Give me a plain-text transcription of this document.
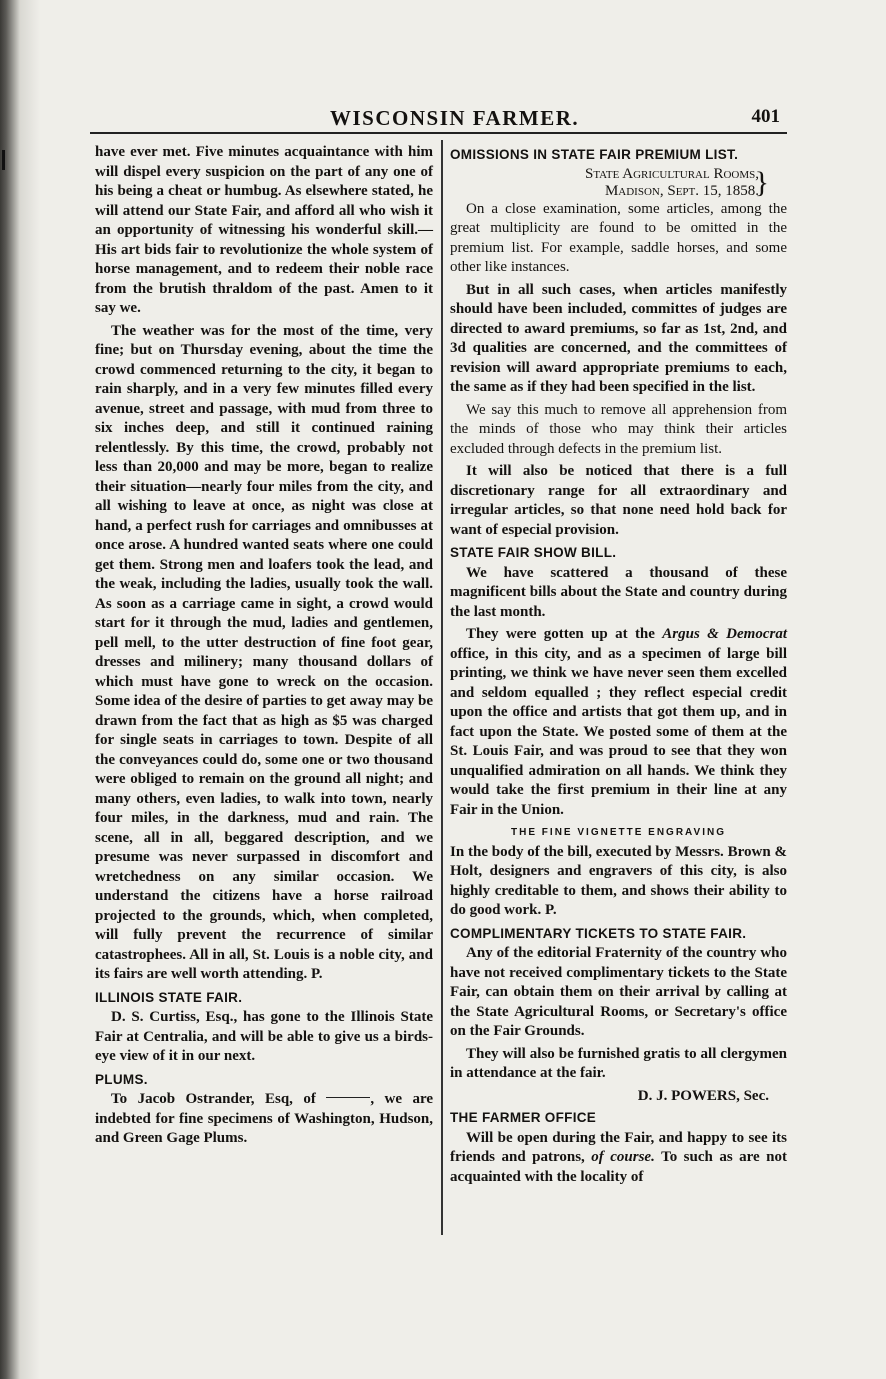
WISCONSIN FARMER.	401

have ever met. Five minutes acquaintance with him will dispel every suspicion on the part of any one of his being a cheat or humbug. As elsewhere stated, he will attend our State Fair, and afford all who wish it an opportunity of witnessing his wonderful skill.— His art bids fair to revolutionize the whole system of horse management, and to redeem their noble race from the brutish thraldom of the past. Amen to it say we.

The weather was for the most of the time, very fine; but on Thursday evening, about the time the crowd commenced returning to the city, it began to rain sharply, and in a very few minutes filled every avenue, street and passage, with mud from three to six inches deep, and still it continued raining relentlessly. By this time, the crowd, probably not less than 20,000 and may be more, began to realize their situation—nearly four miles from the city, and all wishing to leave at once, as night was close at hand, a perfect rush for carriages and omnibusses at once arose. A hundred wanted seats where one could get them. Strong men and loafers took the lead, and the weak, including the ladies, usually took the wall. As soon as a carriage came in sight, a crowd would start for it through the mud, ladies and gentlemen, pell mell, to the utter destruction of fine foot gear, dresses and milinery; many thousand dollars of which must have gone to wreck on the occasion. Some idea of the desire of parties to get away may be drawn from the fact that as high as $5 was charged for single seats in carriages to town. Despite of all the conveyances could do, some one or two thousand were obliged to remain on the ground all night; and many others, even ladies, to walk into town, nearly four miles, in the darkness, mud and rain. The scene, all in all, beggared description, and we presume was never surpassed in discomfort and wretchedness on any similar occasion. We understand the citizens have a horse railroad projected to the grounds, which, when completed, will fully prevent the recurrence of similar catastrophees. All in all, St. Louis is a noble city, and its fairs are well worth attending. P.

ILLINOIS STATE FAIR.

D. S. Curtiss, Esq., has gone to the Illinois State Fair at Centralia, and will be able to give us a birds-eye view of it in our next.

PLUMS.

To Jacob Ostrander, Esq, of	, we are indebted for fine specimens of Washington, Hudson, and Green Gage Plums.

OMISSIONS IN STATE FAIR PREMIUM LIST.
State Agricultural Rooms,
Madison, Sept. 15, 1858.
}

On a close examination, some articles, among the great multiplicity are found to be omitted in the premium list. For example, saddle horses, and some other like instances.

But in all such cases, when articles manifestly should have been included, committes of judges are directed to award premiums, so far as 1st, 2nd, and 3d qualities are concerned, and the committees of revision will award appropriate premiums to each, the same as if they had been specified in the list.

We say this much to remove all apprehension from the minds of those who may think their articles excluded through defects in the premium list.

It will also be noticed that there is a full discretionary range for all extraordinary and irregular articles, so that none need hold back for want of especial provision.

STATE FAIR SHOW BILL.

We have scattered a thousand of these magnificent bills about the State and country during the last month.

They were gotten up at the Argus & Democrat office, in this city, and as a specimen of large bill printing, we think we have never seen them excelled and seldom equalled ; they reflect especial credit upon the office and artists that got them up, and in fact upon the State. We posted some of them at the St. Louis Fair, and was proud to see that they won unqualified admiration on all hands. We think they would take the first premium in their line at any Fair in the Union.

THE FINE VIGNETTE ENGRAVING

In the body of the bill, executed by Messrs. Brown & Holt, designers and engravers of this city, is also highly creditable to them, and shows their ability to do good work. P.

COMPLIMENTARY TICKETS TO STATE FAIR.

Any of the editorial Fraternity of the country who have not received complimentary tickets to the State Fair, can obtain them on their arrival by calling at the State Agricultural Rooms, or Secretary's office on the Fair Grounds.

They will also be furnished gratis to all clergymen in attendance at the fair.

D. J. POWERS, Sec.
THE FARMER OFFICE

Will be open during the Fair, and happy to see its friends and patrons, of course. To such as are not acquainted with the locality of
